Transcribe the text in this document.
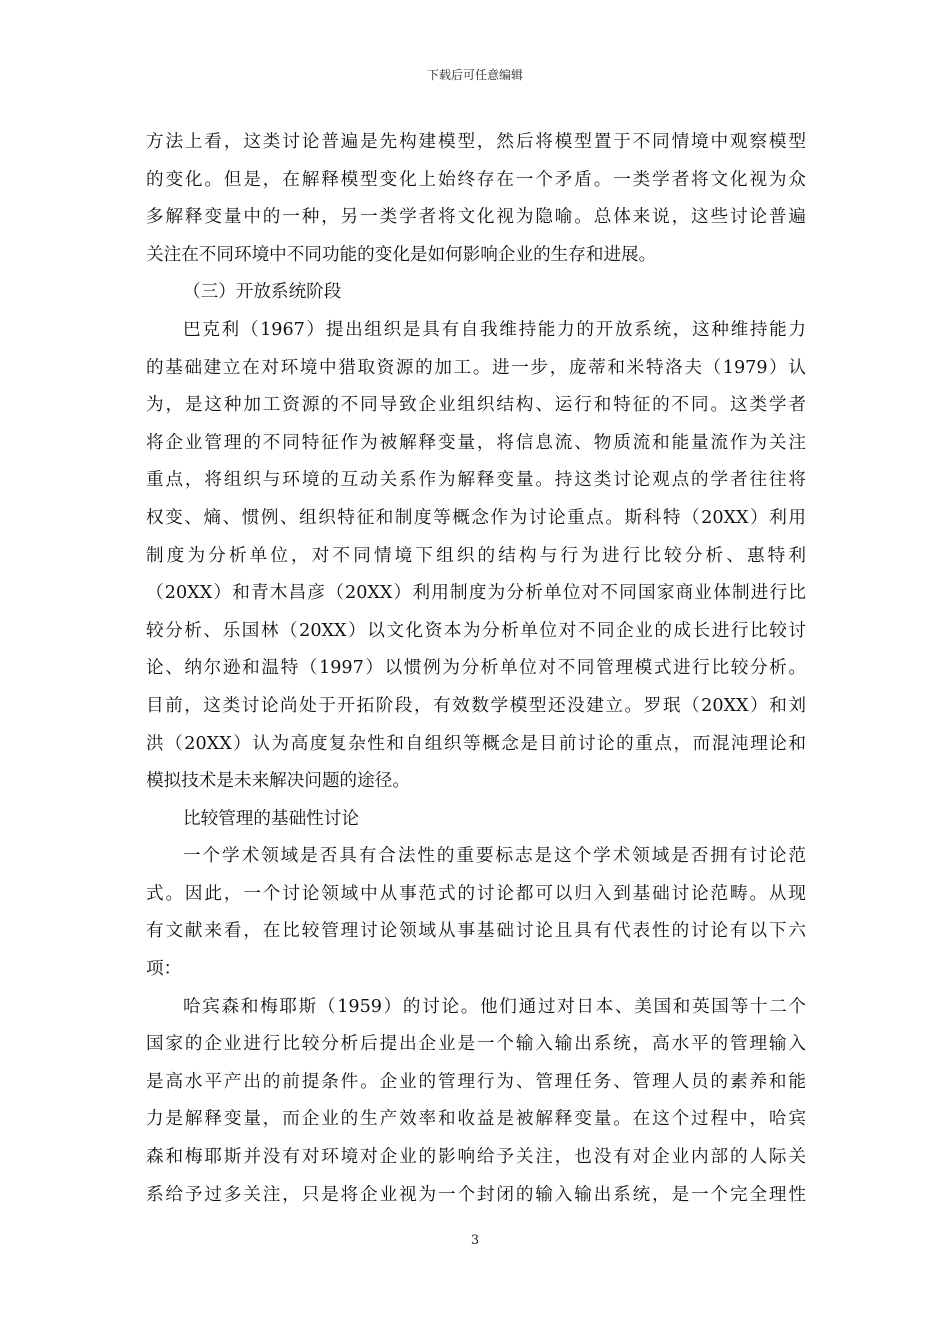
下载后可任意编辑
方法上看，这类讨论普遍是先构建模型，然后将模型置于不同情境中观察模型
的变化。但是，在解释模型变化上始终存在一个矛盾。一类学者将文化视为众
多解释变量中的一种，另一类学者将文化视为隐喻。总体来说，这些讨论普遍
关注在不同环境中不同功能的变化是如何影响企业的生存和进展。
（三）开放系统阶段
巴克利（1967）提出组织是具有自我维持能力的开放系统，这种维持能力
的基础建立在对环境中猎取资源的加工。进一步，庞蒂和米特洛夫（1979）认
为，是这种加工资源的不同导致企业组织结构、运行和特征的不同。这类学者
将企业管理的不同特征作为被解释变量，将信息流、物质流和能量流作为关注
重点，将组织与环境的互动关系作为解释变量。持这类讨论观点的学者往往将
权变、熵、惯例、组织特征和制度等概念作为讨论重点。斯科特（20XX）利用
制度为分析单位，对不同情境下组织的结构与行为进行比较分析、惠特利
（20XX）和青木昌彦（20XX）利用制度为分析单位对不同国家商业体制进行比
较分析、乐国林（20XX）以文化资本为分析单位对不同企业的成长进行比较讨
论、纳尔逊和温特（1997）以惯例为分析单位对不同管理模式进行比较分析。
目前，这类讨论尚处于开拓阶段，有效数学模型还没建立。罗珉（20XX）和刘
洪（20XX）认为高度复杂性和自组织等概念是目前讨论的重点，而混沌理论和
模拟技术是未来解决问题的途径。
比较管理的基础性讨论
一个学术领域是否具有合法性的重要标志是这个学术领域是否拥有讨论范
式。因此，一个讨论领域中从事范式的讨论都可以归入到基础讨论范畴。从现
有文献来看，在比较管理讨论领域从事基础讨论且具有代表性的讨论有以下六
项：
哈宾森和梅耶斯（1959）的讨论。他们通过对日本、美国和英国等十二个
国家的企业进行比较分析后提出企业是一个输入输出系统，高水平的管理输入
是高水平产出的前提条件。企业的管理行为、管理任务、管理人员的素养和能
力是解释变量，而企业的生产效率和收益是被解释变量。在这个过程中，哈宾
森和梅耶斯并没有对环境对企业的影响给予关注，也没有对企业内部的人际关
系给予过多关注，只是将企业视为一个封闭的输入输出系统，是一个完全理性
3
